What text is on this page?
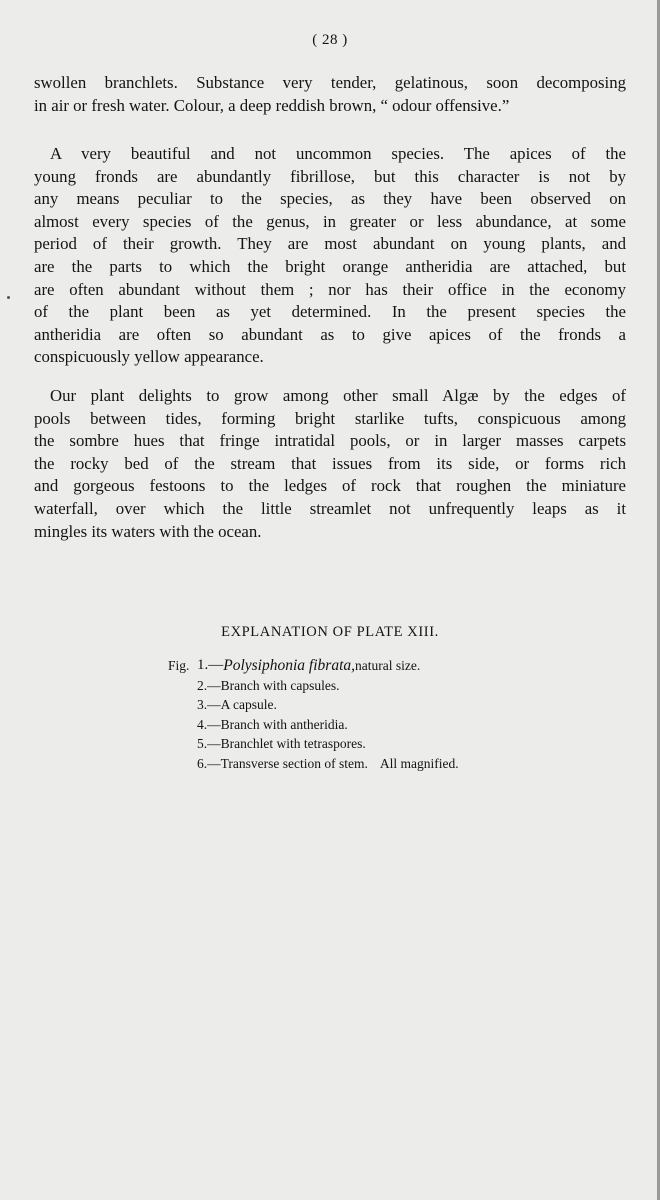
( 28 )
swollen branchlets. Substance very tender, gelatinous, soon decomposing
in air or fresh water. Colour, a deep reddish brown, “ odour offensive.”
A very beautiful and not uncommon species. The apices of the
young fronds are abundantly fibrillose, but this character is not by
any means peculiar to the species, as they have been observed on
almost every species of the genus, in greater or less abundance, at some
period of their growth. They are most abundant on young plants, and
are the parts to which the bright orange antheridia are attached, but
are often abundant without them ; nor has their office in the economy
of the plant been as yet determined. In the present species the
antheridia are often so abundant as to give apices of the fronds a
conspicuously yellow appearance.
Our plant delights to grow among other small Algæ by the edges of
pools between tides, forming bright starlike tufts, conspicuous among
the sombre hues that fringe intratidal pools, or in larger masses carpets
the rocky bed of the stream that issues from its side, or forms rich
and gorgeous festoons to the ledges of rock that roughen the miniature
waterfall, over which the little streamlet not unfrequently leaps as it
mingles its waters with the ocean.
EXPLANATION OF PLATE XIII.
Fig. 1.— Polysiphonia fibrata, natural size.
2.— Branch with capsules.
3.— A capsule.
4.— Branch with antheridia.
5.— Branchlet with tetraspores.
6.— Transverse section of stem. All magnified.
